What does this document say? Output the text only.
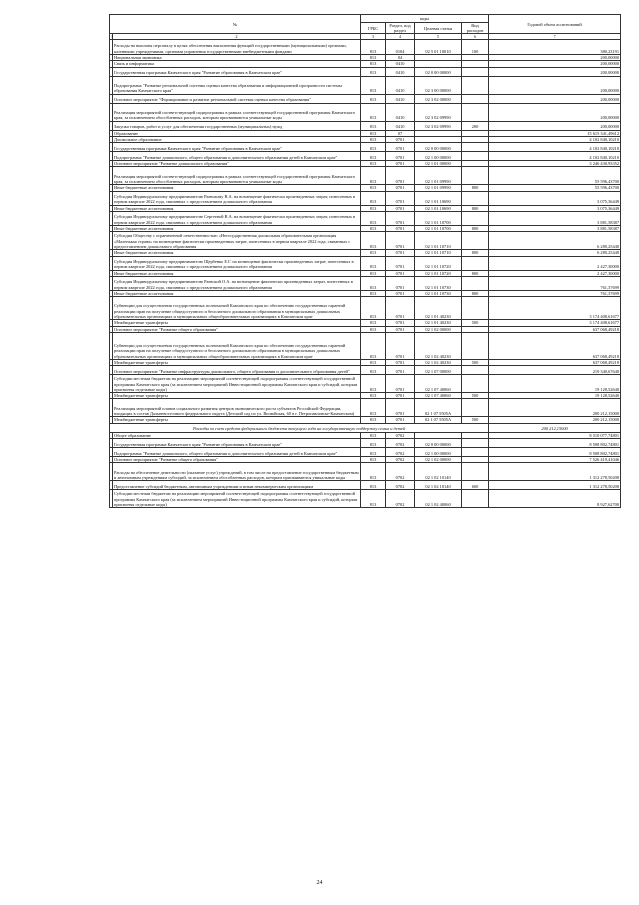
№		коды				Годовой объем ассигнований
		ГРБС	Раздел, под раздел	Целевая статья	Вид расходов	
1	2	3	4	5	6	7
	Расходы на выплаты персоналу в целях обеспечения выполнения функций государственными (муниципальными) органами, казенными учреждениями, органами управления государственными внебюджетными фондами	813	0104	02 5 01 10010	100	380,23191
	Национальная экономика	813	04			200,00000
	Связь и информатика	813	0410			200,00000
	Государственная программа Камчатского края "Развитие образования в Камчатском крае"	813	0410	02 0 00 00000		200,00000
	Подпрограмма "Развитие региональной системы оценки качества образования и информационной прозрачности системы образования Камчатского края"	813	0410	02 3 00 00000		200,00000
	Основное мероприятие "Формирование и развитие региональной системы оценки качества образования"	813	0410	02 3 02 00000		200,00000
	Реализация мероприятий соответствующей подпрограммы в рамках соответствующей государственной программы Камчатского края, за исключением обособленных расходов, которым присваиваются уникальные коды	813	0410	02 3 02 09990		200,00000
	Закупка товаров, работ и услуг для обеспечения государственных (муниципальных) нужд	813	0410	02 3 02 09990	200	200,00000
	Образование	813	07			15 615 341,49612
	Дошкольное образование	813	0701			4 102 840,10210
	Государственная программа Камчатского края "Развитие образования в Камчатском крае"	813	0701	02 0 00 00000		4 102 840,10210
	Подпрограмма "Развитие дошкольного, общего образования и дополнительного образования детей в Камчатском крае"	813	0701	02 1 00 00000		4 102 840,10210
	Основное мероприятие "Развитие дошкольного образования"	813	0701	02 1 01 00000		3 246 430,93352
	Реализация мероприятий соответствующей подпрограммы в рамках соответствующей государственной программы Камчатского края, за исключением обособленных расходов, которым присваиваются уникальные коды	813	0701	02 1 01 09990		55 596,43700
	Иные бюджетные ассигнования	813	0701	02 1 01 09990	800	55 596,43700
	Субсидия Индивидуальному предпринимателю Раевскому В.А. на возмещение фактически произведенных затрат, понесенных в первом квартале 2022 года, связанных с предоставлением дошкольного образования	813	0701	02 1 01 10690		3 075,36449
	Иные бюджетные ассигнования	813	0701	02 1 01 10690	800	3 075,36449
	Субсидия Индивидуальному предпринимателю Сергеевой В.А. на возмещение фактически произведенных затрат, понесенных в первом квартале 2022 года, связанных с предоставлением дошкольного образования	813	0701	02 1 01 10700		3 881,58387
	Иные бюджетные ассигнования	813	0701	02 1 01 10700	800	3 881,58387
	Субсидия Обществу с ограниченной ответственностью «Негосударственная дошкольная образовательная организация «Маленькая страна» на возмещение фактически произведенных затрат, понесенных в первом квартале 2022 года, связанных с предоставлением дошкольного образования	813	0701	02 1 01 10710		6 280,25440
	Иные бюджетные ассигнования	813	0701	02 1 01 10710	800	6 280,25440
	Субсидия Индивидуальному предпринимателю Щербенко Е.Г. на возмещение фактически произведенных затрат, понесенных в первом квартале 2022 года, связанных с предоставлением дошкольного образования	813	0701	02 1 01 10720		2 427,30000
	Иные бюджетные ассигнования	813	0701	02 1 01 10720	800	2 427,30000
	Субсидия Индивидуальному предпринимателю Раевской О.А. на возмещение фактически произведенных затрат, понесенных в первом квартале 2022 года, связанных с предоставлением дошкольного образования	813	0701	02 1 01 10730		761,37699
	Иные бюджетные ассигнования	813	0701	02 1 01 10730	800	761,37699
	Субвенции для осуществления государственных полномочий Камчатского края по обеспечению государственных гарантий реализации прав на получение общедоступного и бесплатного дошкольного образования в муниципальных дошкольных образовательных организациях и муниципальных общеобразовательных организациях в Камчатском крае	813	0701	02 1 01 40230		3 174 408,61677
	Межбюджетные трансферты	813	0701	02 1 01 40230	500	3 174 408,61677
	Основное мероприятие "Развитие общего образования"	813	0701	02 1 02 00000		637 068,49218
	Субвенции для осуществления государственных полномочий Камчатского края по обеспечению государственных гарантий реализации прав на получение общедоступного и бесплатного дошкольного образования в муниципальных дошкольных образовательных организациях и муниципальных общеобразовательных организациях в Камчатском крае	813	0701	02 1 02 40230		637 068,49218
	Межбюджетные трансферты	813	0701	02 1 02 40230	500	637 068,49218
	Основное мероприятие "Развитие инфраструктуры дошкольного, общего образования и дополнительного образования детей"	813	0701	02 1 07 00000		219 340,67640
	Субсидии местным бюджетам на реализацию мероприятий соответствующей подпрограммы соответствующей государственной программы Камчатского края (за исключением мероприятий Инвестиционной программы Камчатского края и субсидий, которым присвоены отдельные коды)	813	0701	02 1 07 40060		19 128,52640
	Межбюджетные трансферты	813	0701	02 1 07 40060	500	19 128,52640
	Реализация мероприятий планов социального развития центров экономического роста субъектов Российской Федерации, входящих в состав Дальневосточного федерального округа (Детский сад по ул. Вилюйская, 60 в г. Петропавловске-Камчатском)	813	0701	02 1 07 5505A		200 212,15000
	Межбюджетные трансферты	813	0701	02 1 07 5505A	500	200 212,15000
Расходы за счет средств федерального бюджета текущего года на государственную поддержку семьи и детей						200 212,15000
	Общее образование	813	0702			8 510 077,74801
	Государственная программа Камчатского края "Развитие образования в Камчатском крае"	813	0702	02 0 00 00000		8 508 802,74801
	Подпрограмма "Развитие дошкольного, общего образования и дополнительного образования детей в Камчатском крае"	813	0702	02 1 00 00000		8 508 802,74801
	Основное мероприятие "Развитие общего образования"	813	0702	02 1 02 00000		7 526 419,41046
	Расходы на обеспечение деятельности (оказание услуг) учреждений, в том числе на предоставление государственным бюджетным и автономным учреждениям субсидий, за исключением обособленных расходов, которым присваиваются уникальные коды	813	0702	02 1 02 10140		1 312 278,50208
	Предоставление субсидий бюджетным, автономным учреждениям и иным некоммерческим организациям	813	0702	02 1 02 10140	600	1 312 278,50208
	Субсидии местным бюджетам на реализацию мероприятий соответствующей подпрограммы соответствующей государственной программы Камчатского края (за исключением мероприятий Инвестиционной программы Камчатского края и субсидий, которым присвоены отдельные коды)	813	0702	02 1 02 40060		8 927,62700
24
